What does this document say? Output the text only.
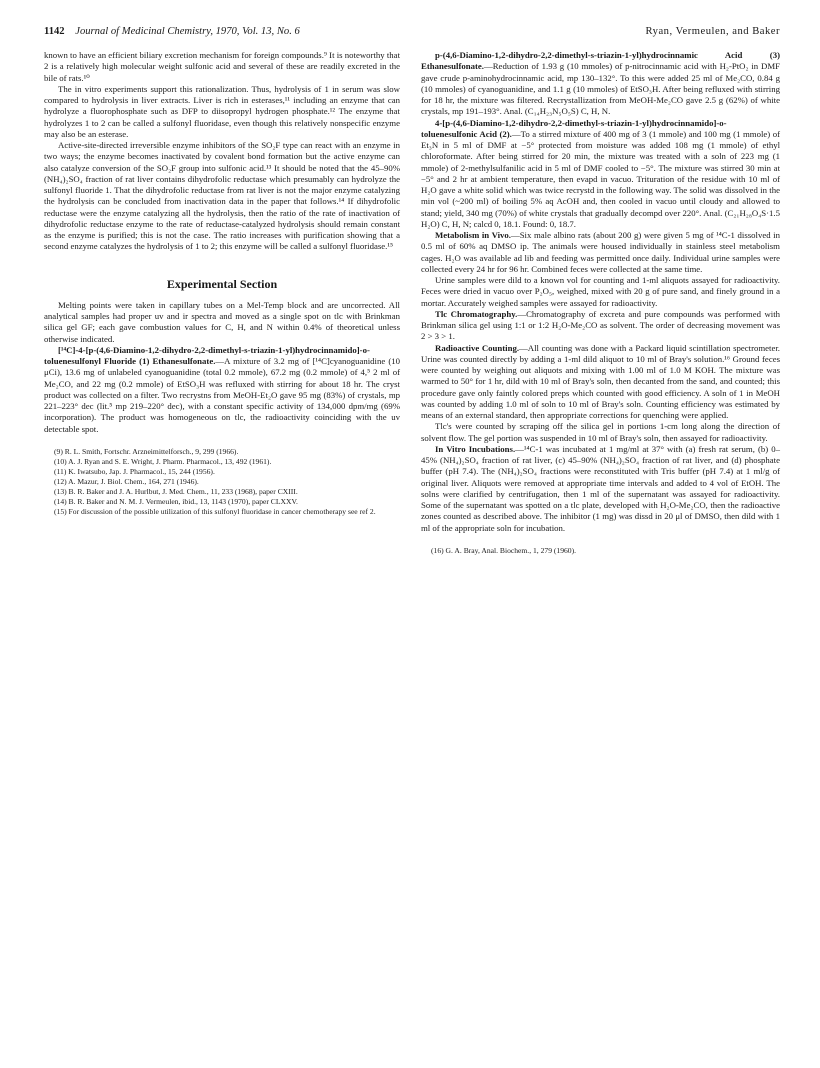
1142 Journal of Medicinal Chemistry, 1970, Vol. 13, No. 6	Ryan, Vermeulen, and Baker

known to have an efficient biliary excretion mechanism for foreign compounds.⁹ It is noteworthy that 2 is a relatively high molecular weight sulfonic acid and several of these are readily excreted in the bile of rats.¹⁰

The in vitro experiments support this rationalization. Thus, hydrolysis of 1 in serum was slow compared to hydrolysis in liver extracts. Liver is rich in esterases,¹¹ including an enzyme that can hydrolyze a fluorophosphate such as DFP to diisopropyl hydrogen phosphate.¹² The enzyme that hydrolyzes 1 to 2 can be called a sulfonyl fluoridase, even though this relatively nonspecific enzyme may also be an esterase.

Active-site-directed irreversible enzyme inhibitors of the SO₂F type can react with an enzyme in two ways; the enzyme becomes inactivated by covalent bond formation but the active enzyme can also catalyze conversion of the SO₂F group into sulfonic acid.¹³ It should be noted that the 45–90% (NH₄)₂SO₄ fraction of rat liver contains dihydrofolic reductase which presumably can hydrolyze the sulfonyl fluoride 1. That the dihydrofolic reductase from rat liver is not the major enzyme catalyzing the hydrolysis can be concluded from inactivation data in the paper that follows.¹⁴ If dihydrofolic reductase were the enzyme catalyzing all the hydrolysis, then the ratio of the rate of inactivation of dihydrofolic reductase enzyme to the rate of reductase-catalyzed hydrolysis should remain constant as the enzyme is purified; this is not the case. The ratio increases with purification showing that a second enzyme catalyzes the hydrolysis of 1 to 2; this enzyme will be called a sulfonyl fluoridase.¹⁵

Experimental Section

Melting points were taken in capillary tubes on a Mel-Temp block and are uncorrected. All analytical samples had proper uv and ir spectra and moved as a single spot on tlc with Brinkman silica gel GF; each gave combustion values for C, H, and N within 0.4% of theoretical unless otherwise indicated.

[¹⁴C]-4-[p-(4,6-Diamino-1,2-dihydro-2,2-dimethyl-s-triazin-1-yl)hydrocinnamido]-o-toluenesulfonyl Fluoride (1) Ethanesulfonate.—A mixture of 3.2 mg of [¹⁴C]cyanoguanidine (10 μCi), 13.6 mg of unlabeled cyanoguanidine (total 0.2 mmole), 67.2 mg (0.2 mmole) of 4,⁵ 2 ml of Me₂CO, and 22 mg (0.2 mmole) of EtSO₃H was refluxed with stirring for about 18 hr. The cryst product was collected on a filter. Two recrystns from MeOH-Et₂O gave 95 mg (83%) of crystals, mp 221–223° dec (lit.⁵ mp 219–220° dec), with a constant specific activity of 134,000 dpm/mg (69% incorporation). The product was homogeneous on tlc, the radioactivity coinciding with the uv detectable spot.

(9) R. L. Smith, Fortschr. Arzneimittelforsch., 9, 299 (1966).

(10) A. J. Ryan and S. E. Wright, J. Pharm. Pharmacol., 13, 492 (1961).

(11) K. Iwatsubo, Jap. J. Pharmacol., 15, 244 (1956).

(12) A. Mazur, J. Biol. Chem., 164, 271 (1946).

(13) B. R. Baker and J. A. Hurlbut, J. Med. Chem., 11, 233 (1968), paper CXIII.

(14) B. R. Baker and N. M. J. Vermeulen, ibid., 13, 1143 (1970), paper CLXXV.

(15) For discussion of the possible utilization of this sulfonyl fluoridase in cancer chemotherapy see ref 2.

p-(4,6-Diamino-1,2-dihydro-2,2-dimethyl-s-triazin-1-yl)hydrocinnamic Acid (3) Ethanesulfonate.—Reduction of 1.93 g (10 mmoles) of p-nitrocinnamic acid with H₂-PtO₂ in DMF gave crude p-aminohydrocinnamic acid, mp 130–132°. To this were added 25 ml of Me₂CO, 0.84 g (10 mmoles) of cyanoguanidine, and 1.1 g (10 mmoles) of EtSO₃H. After being refluxed with stirring for 18 hr, the mixture was filtered. Recrystallization from MeOH-Me₂CO gave 2.5 g (62%) of white crystals, mp 191–193°. Anal. (C₁₄H₂₃N₅O₅S) C, H, N.

4-[p-(4,6-Diamino-1,2-dihydro-2,2-dimethyl-s-triazin-1-yl)hydrocinnamido]-o-toluenesulfonic Acid (2).—To a stirred mixture of 400 mg of 3 (1 mmole) and 100 mg (1 mmole) of Et₃N in 5 ml of DMF at −5° protected from moisture was added 108 mg (1 mmole) of ethyl chloroformate. After being stirred for 20 min, the mixture was treated with a soln of 223 mg (1 mmole) of 2-methylsulfanilic acid in 5 ml of DMF cooled to −5°. The mixture was stirred 30 min at −5° and 2 hr at ambient temperature, then evapd in vacuo. Trituration of the residue with 10 ml of H₂O gave a white solid which was twice recrystd in the following way. The solid was dissolved in the min vol (~200 ml) of boiling 5% aq AcOH and, then cooled in vacuo until cloudy and allowed to stand; yield, 340 mg (70%) of white crystals that gradually decompd over 220°. Anal. (C₂₁H₂₈O₄S·1.5 H₂O) C, H, N; calcd 0, 18.1. Found: 0, 18.7.

Metabolism in Vivo.—Six male albino rats (about 200 g) were given 5 mg of ¹⁴C-1 dissolved in 0.5 ml of 60% aq DMSO ip. The animals were housed individually in stainless steel metabolism cages. H₂O was available ad lib and feeding was permitted once daily. Individual urine samples were collected every 24 hr for 96 hr. Combined feces were collected at the same time.

Urine samples were dild to a known vol for counting and 1-ml aliquots assayed for radioactivity. Feces were dried in vacuo over P₂O₅, weighed, mixed with 20 g of pure sand, and finely ground in a mortar. Accurately weighed samples were assayed for radioactivity.

Tlc Chromatography.—Chromatography of excreta and pure compounds was performed with Brinkman silica gel using 1:1 or 1:2 H₂O-Me₂CO as solvent. The order of decreasing movement was 2 > 3 > 1.

Radioactive Counting.—All counting was done with a Packard liquid scintillation spectrometer. Urine was counted directly by adding a 1-ml dild aliquot to 10 ml of Bray's solution.¹⁶ Ground feces were counted by weighing out aliquots and mixing with 1.00 ml of 1.0 M KOH. The mixture was warmed to 50° for 1 hr, dild with 10 ml of Bray's soln, then decanted from the sand, and counted; this procedure gave only faintly colored preps which counted with good efficiency. A soln of 1 in MeOH was counted by adding 1.0 ml of soln to 10 ml of Bray's soln. Counting efficiency was estimated by means of an external standard, then appropriate corrections for quenching were applied.

Tlc's were counted by scraping off the silica gel in portions 1-cm long along the direction of solvent flow. The gel portion was suspended in 10 ml of Bray's soln, then assayed for radioactivity.

In Vitro Incubations.—¹⁴C-1 was incubated at 1 mg/ml at 37° with (a) fresh rat serum, (b) 0–45% (NH₄)₂SO₄ fraction of rat liver, (c) 45–90% (NH₄)₂SO₄ fraction of rat liver, and (d) phosphate buffer (pH 7.4). The (NH₄)₂SO₄ fractions were reconstituted with Tris buffer (pH 7.4) at 1 ml/g of original liver. Aliquots were removed at appropriate time intervals and added to 4 vol of EtOH. The solns were clarified by centrifugation, then 1 ml of the supernatant was assayed for radioactivity. Some of the supernatant was spotted on a tlc plate, developed with H₂O-Me₂CO, then the radioactive zones counted as described above. The inhibitor (1 mg) was dissd in 20 μl of DMSO, then dild with 1 ml of the appropriate soln for incubation.

(16) G. A. Bray, Anal. Biochem., 1, 279 (1960).
